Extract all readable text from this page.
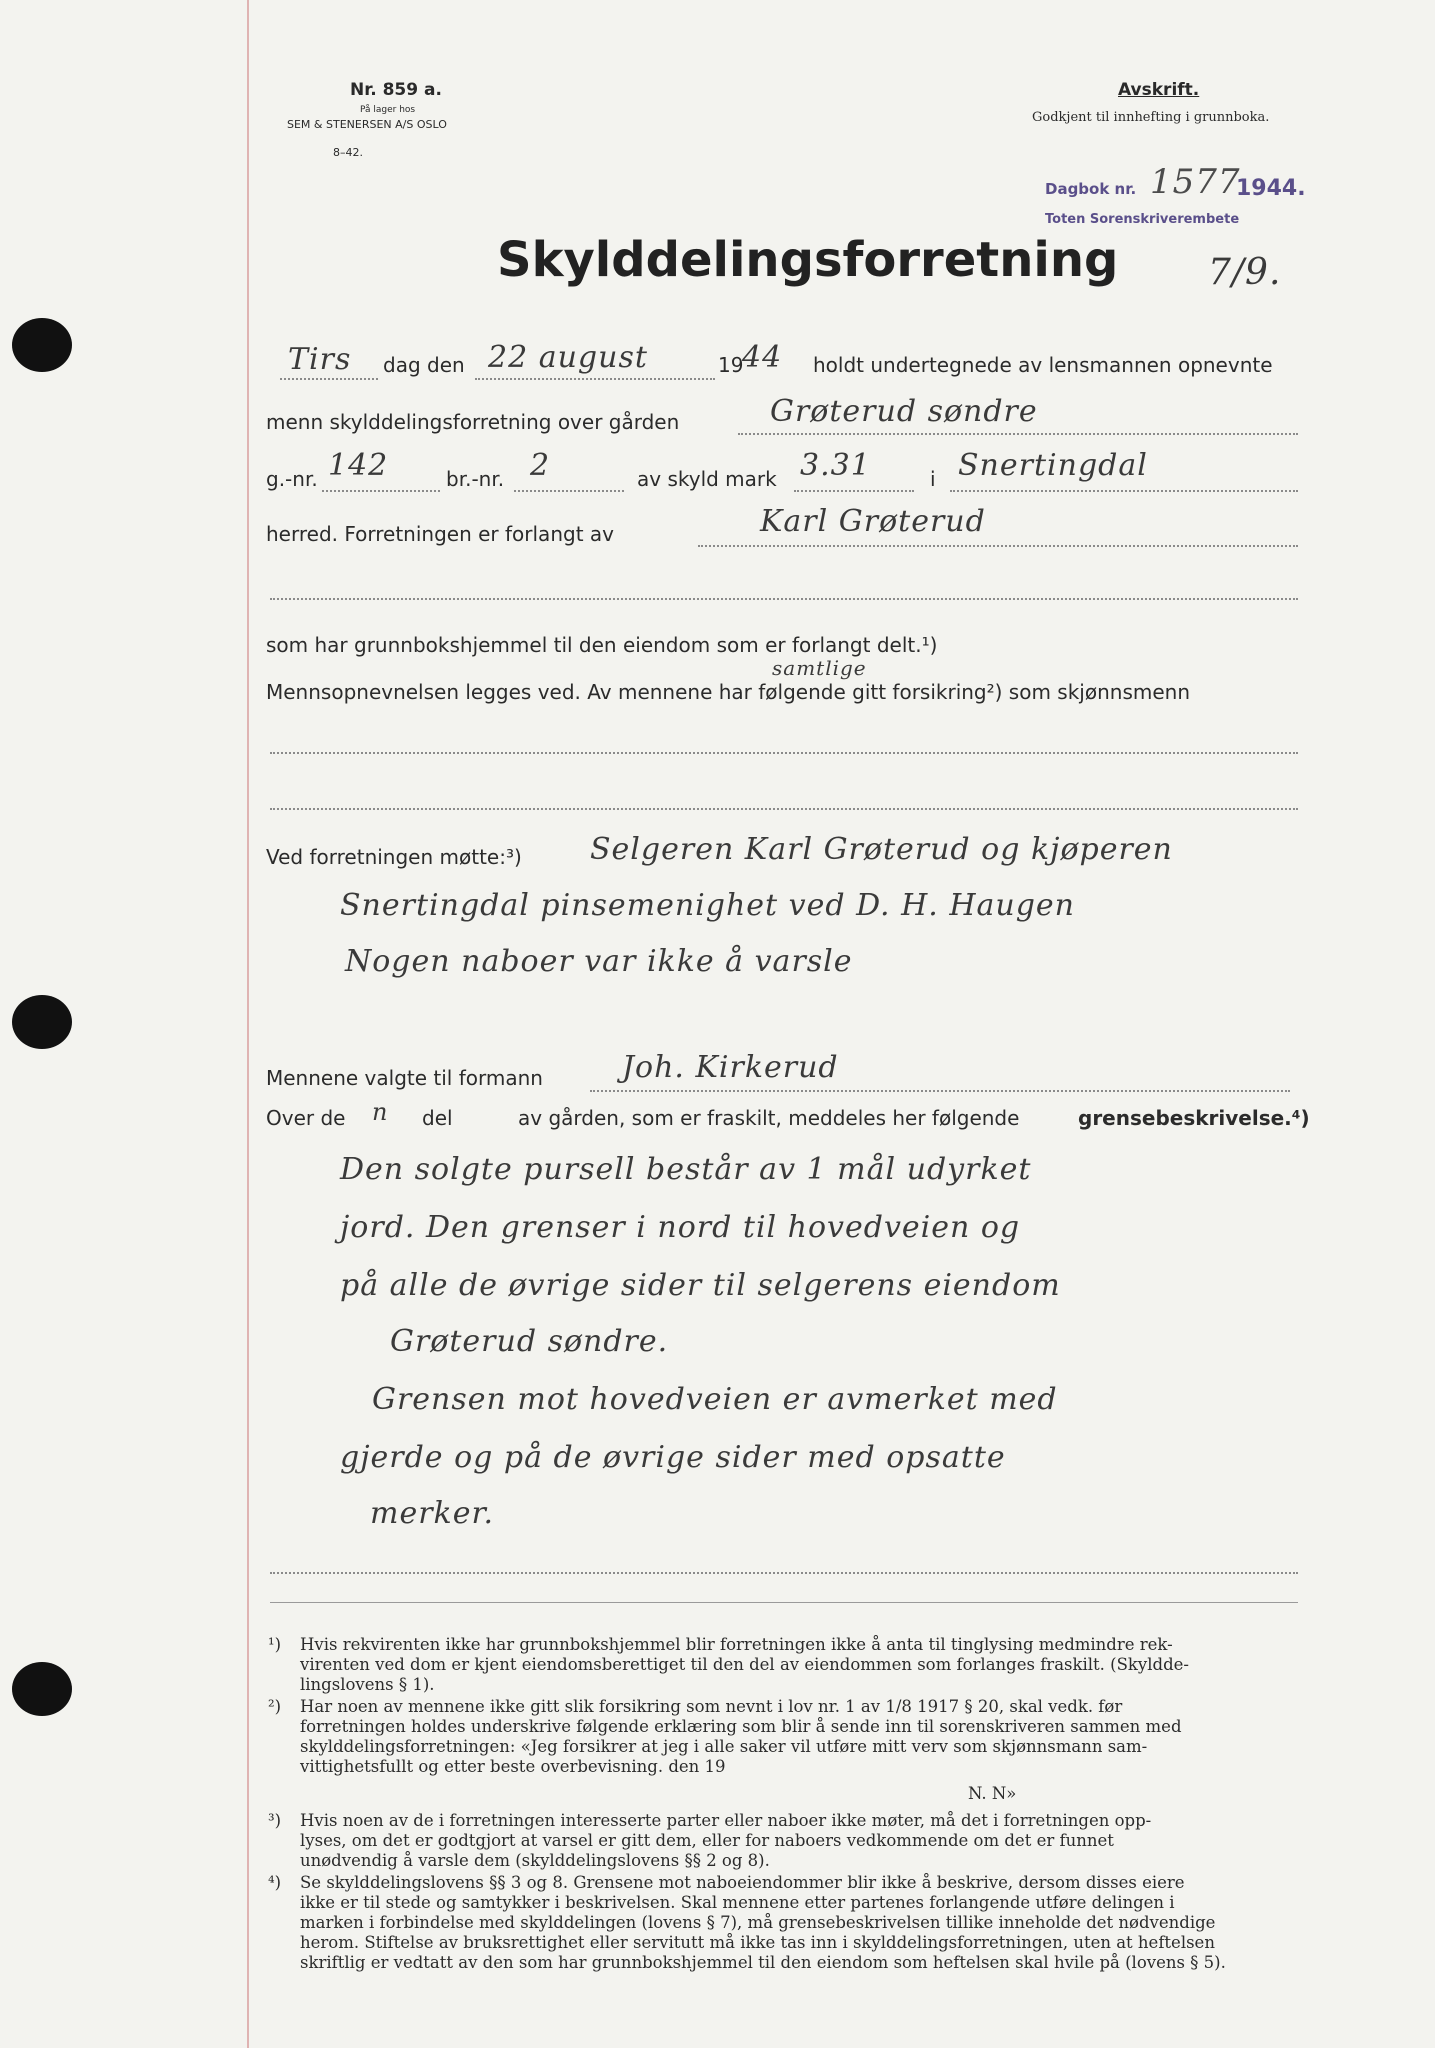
Nr. 859 a.
På lager hos
SEM & STENERSEN A/S OSLO
8–42.
Avskrift.
Godkjent til innhefting i grunnboka.
Dagbok nr. 1577
1944.
Toten Sorenskriverembete
7/9.
Skylddelingsforretning
Tirs dag den 22 august	19
44 holdt undertegnede av lensmannen opnevnte
menn skylddelingsforretning over gården	Grøterud søndre
g.-nr. 142	br.-nr. 2	av skyld mark 3.31	i Snertingdal
herred. Forretningen er forlangt av	Karl Grøterud
som har grunnbokshjemmel til den eiendom som er forlangt delt.¹)
samtlige
Mennsopnevnelsen legges ved. Av mennene har følgende gitt forsikring²) som skjønnsmenn
Ved forretningen møtte:³) Selgeren Karl Grøterud og kjøperen
Snertingdal pinsemenighet ved D. H. Haugen
Nogen naboer var ikke å varsle
Mennene valgte til formann	Joh. Kirkerud
Over de n del	av gården, som er fraskilt, meddeles her følgende	grensebeskrivelse.⁴)
Den solgte pursell består av 1 mål udyrket
jord. Den grenser i nord til hovedveien og
på alle de øvrige sider til selgerens eiendom
Grøterud søndre.
Grensen mot hovedveien er avmerket med
gjerde og på de øvrige sider med opsatte
merker.
¹) Hvis rekvirenten ikke har grunnbokshjemmel blir forretningen ikke å anta til tinglysing medmindre rek-
virenten ved dom er kjent eiendomsberettiget til den del av eiendommen som forlanges fraskilt. (Skyldde-
lingslovens § 1).
²) Har noen av mennene ikke gitt slik forsikring som nevnt i lov nr. 1 av 1/8 1917 § 20, skal vedk. før
forretningen holdes underskrive følgende erklæring som blir å sende inn til sorenskriveren sammen med
skylddelingsforretningen: «Jeg forsikrer at jeg i alle saker vil utføre mitt verv som skjønnsmann sam-
vittighetsfullt og etter beste overbevisning. den 19
N. N»
³) Hvis noen av de i forretningen interesserte parter eller naboer ikke møter, må det i forretningen opp-
lyses, om det er godtgjort at varsel er gitt dem, eller for naboers vedkommende om det er funnet
unødvendig å varsle dem (skylddelingslovens §§ 2 og 8).
⁴) Se skylddelingslovens §§ 3 og 8. Grensene mot naboeiendommer blir ikke å beskrive, dersom disses eiere
ikke er til stede og samtykker i beskrivelsen. Skal mennene etter partenes forlangende utføre delingen i
marken i forbindelse med skylddelingen (lovens § 7), må grensebeskrivelsen tillike inneholde det nødvendige
herom. Stiftelse av bruksrettighet eller servitutt må ikke tas inn i skylddelingsforretningen, uten at heftelsen
skriftlig er vedtatt av den som har grunnbokshjemmel til den eiendom som heftelsen skal hvile på (lovens § 5).
